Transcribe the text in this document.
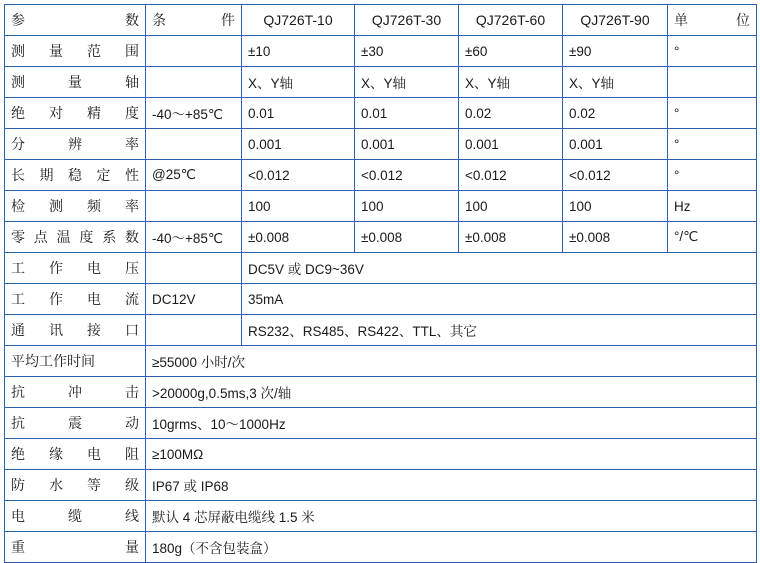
参 数	条 件	QJ726T-10	QJ726T-30	QJ726T-60	QJ726T-90	单 位
测量范围		±10	±30	±60	±90	°
测量轴		X、Y轴	X、Y轴	X、Y轴	X、Y轴	
绝对精度	-40～+85℃	0.01	0.01	0.02	0.02	°
分辨率		0.001	0.001	0.001	0.001	°
长期稳定性	@25℃	<0.012	<0.012	<0.012	<0.012	°
检测频率		100	100	100	100	Hz
零点温度系数	-40～+85℃	±0.008	±0.008	±0.008	±0.008	°/℃
工作电压		DC5V 或 DC9~36V				
工作电流	DC12V	35mA				
通讯接口		RS232、RS485、RS422、TTL、其它				
平均工作时间	≥55000 小时/次					
抗冲击	>20000g,0.5ms,3 次/轴					
抗震动	10grms、10～1000Hz					
绝缘电阻	≥100MΩ					
防水等级	IP67 或 IP68					
电缆线	默认 4 芯屏蔽电缆线 1.5 米					
重量	180g（不含包装盒）					
